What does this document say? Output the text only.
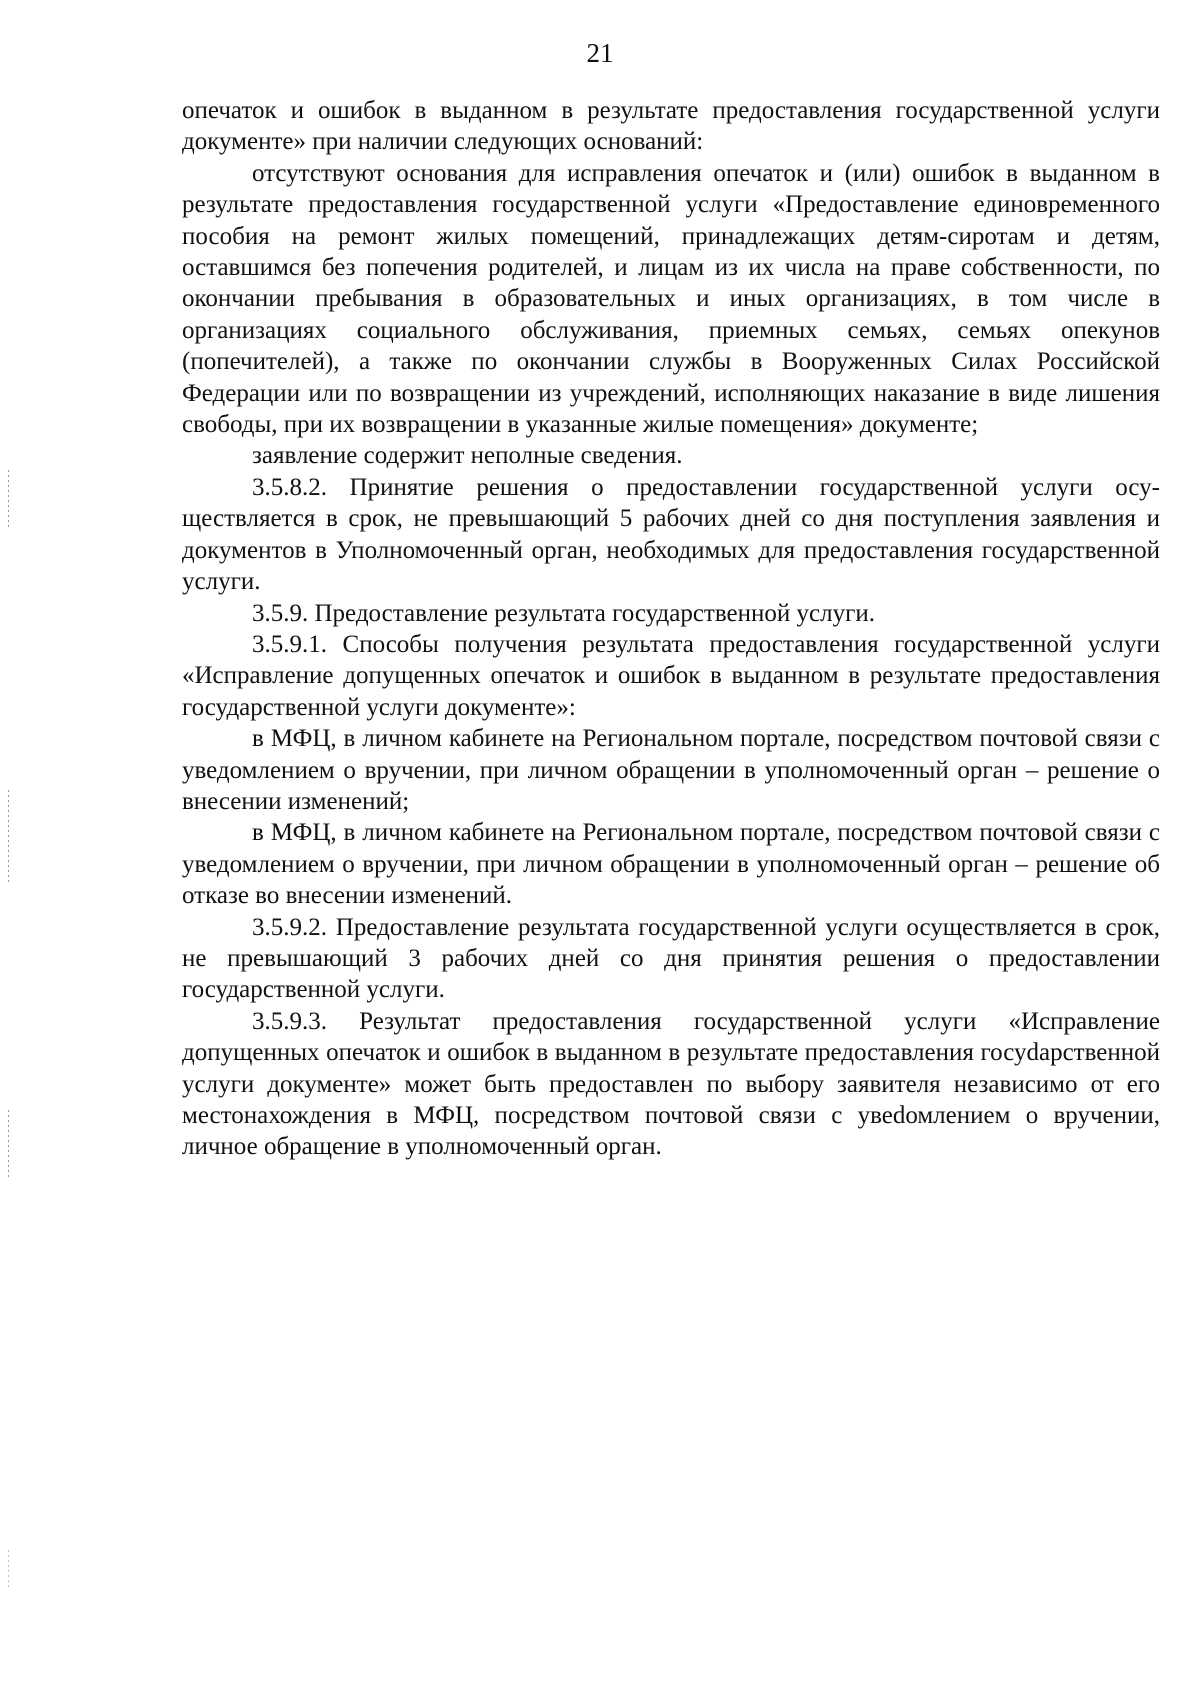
21

опечаток и ошибок в выданном в результате предоставления государственной услуги документе» при наличии следующих оснований:

отсутствуют основания для исправления опечаток и (или) ошибок в выданном в результате предоставления государственной услуги «Предоставление единовременного пособия на ремонт жилых помещений, принадлежащих детям-сиротам и детям, оставшимся без попечения родителей, и лицам из их числа на праве собственности, по окончании пребывания в образовательных и иных организациях, в том числе в организациях социального обслуживания, приемных семьях, семьях опекунов (попечителей), а также по окончании службы в Вооруженных Силах Российской Федерации или по возвращении из учреждений, исполняющих наказание в виде лишения свободы, при их возвращении в указанные жилые помещения» документе;

заявление содержит неполные сведения.

3.5.8.2. Принятие решения о предоставлении государственной услуги осуществляется в срок, не превышающий 5 рабочих дней со дня поступления заявления и документов в Уполномоченный орган, необходимых для предоставления государственной услуги.

3.5.9. Предоставление результата государственной услуги.

3.5.9.1. Способы получения результата предоставления государственной услуги «Исправление допущенных опечаток и ошибок в выданном в результате предоставления государственной услуги документе»:

в МФЦ, в личном кабинете на Региональном портале, посредством почтовой связи с уведомлением о вручении, при личном обращении в уполномоченный орган – решение о внесении изменений;

в МФЦ, в личном кабинете на Региональном портале, посредством почтовой связи с уведомлением о вручении, при личном обращении в уполномоченный орган – решение об отказе во внесении изменений.

3.5.9.2. Предоставление результата государственной услуги осуществляется в срок, не превышающий 3 рабочих дней со дня принятия решения о предоставлении государственной услуги.

3.5.9.3. Результат предоставления государственной услуги «Исправление допущенных опечаток и ошибок в выданном в результате предоставления госуdарственной услуги документе» может быть предоставлен по выбору заявителя независимо от его местонахождения в МФЦ, посредством почтовой связи с увеdомлением о вручении, личное обращение в уполномоченный орган.
